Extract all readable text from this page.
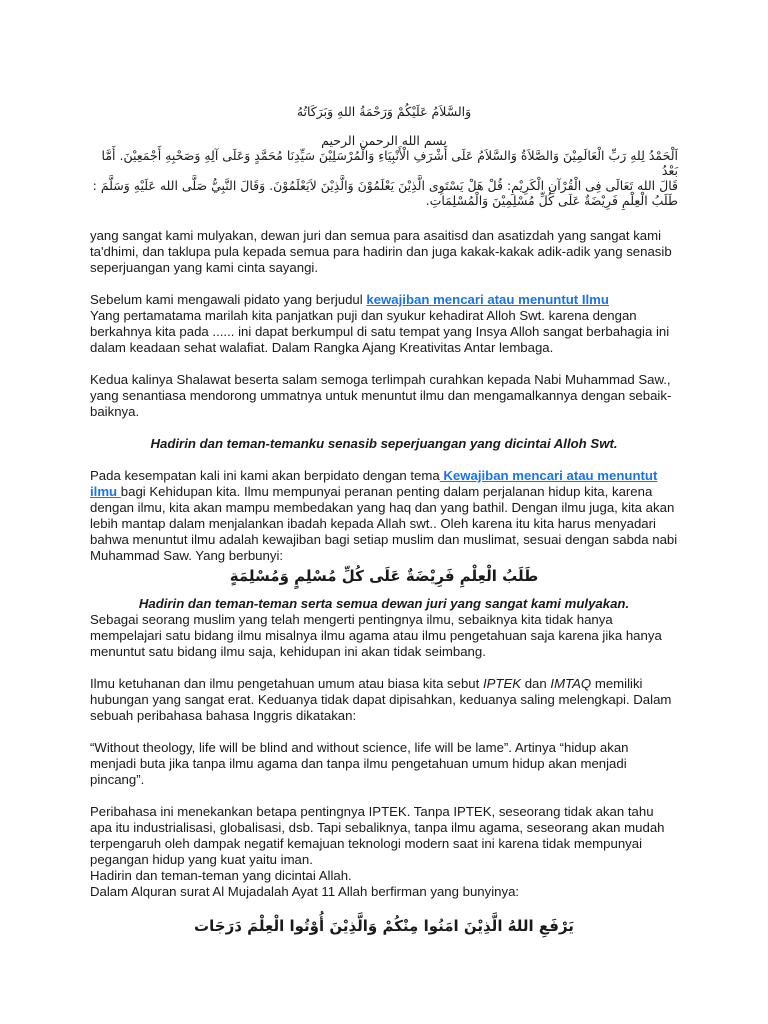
وَالسَّلاَمُ عَلَيْكُمْ وَرَحْمَةُ اللهِ وَبَرَكَاتُهُ
بسم الله الرحمن الرحيم
اَلْحَمْدُ لِلهِ رَبِّ الْعَالَمِيْنَ وَالصَّلاَةُ وَالسَّلاَمُ عَلَى أَشْرَفِ الْأَنْبِيَاءِ وَالْمُرْسَلِيْنَ سَيِّدِنَا مُحَمَّدٍ وَعَلَى آلِهِ وَصَحْبِهِ أَجْمَعِيْنَ. أَمَّا بَعْدُ
قَالَ الله تَعَالَى فِى الْقُرْآنِ الْكَرِيْمِ: قُلْ هَلْ يَسْتَوِى الَّذِيْنَ يَعْلَمُوْنَ وَالَّذِيْنَ لاَيَعْلَمُوْنَ. وَقَالَ النَّبِيُّ صَلَّى الله عَلَيْهِ وَسَلَّمَ : طَلَبُ الْعِلْمِ فَرِيْضَةٌ عَلَى كُلِّ مُسْلِمِيْنَ وَالْمُسْلِمَاتِ.

yang sangat kami mulyakan, dewan juri dan semua para asaitisd dan asatizdah yang sangat kami ta'dhimi, dan taklupa pula kepada semua para hadirin dan juga kakak-kakak adik-adik yang senasib seperjuangan yang kami cinta sayangi.

Sebelum kami mengawali pidato yang berjudul kewajiban mencari atau menuntut Ilmu
Yang pertamatama marilah kita panjatkan puji dan syukur kehadirat Alloh Swt. karena dengan berkahnya kita pada ...... ini dapat berkumpul di satu tempat yang Insya Alloh sangat berbahagia ini dalam keadaan sehat walafiat. Dalam Rangka Ajang Kreativitas Antar lembaga.

Kedua kalinya Shalawat beserta salam semoga terlimpah curahkan kepada Nabi Muhammad Saw., yang senantiasa mendorong ummatnya untuk menuntut ilmu dan mengamalkannya dengan sebaik-baiknya.

Hadirin dan teman-temanku senasib seperjuangan yang dicintai Alloh Swt.

Pada kesempatan kali ini kami akan berpidato dengan tema Kewajiban mencari atau menuntut ilmu bagi Kehidupan kita. Ilmu mempunyai peranan penting dalam perjalanan hidup kita, karena dengan ilmu, kita akan mampu membedakan yang haq dan yang bathil. Dengan ilmu juga, kita akan lebih mantap dalam menjalankan ibadah kepada Allah swt.. Oleh karena itu kita harus menyadari bahwa menuntut ilmu adalah kewajiban bagi setiap muslim dan muslimat, sesuai dengan sabda nabi Muhammad Saw. Yang berbunyi:

طَلَبُ الْعِلْمِ فَرِيْضَةٌ عَلَى كُلِّ مُسْلِمٍ وَمُسْلِمَةٍ

Hadirin dan teman-teman serta semua dewan juri yang sangat kami mulyakan.

Sebagai seorang muslim yang telah mengerti pentingnya ilmu, sebaiknya kita tidak hanya mempelajari satu bidang ilmu misalnya ilmu agama atau ilmu pengetahuan saja karena jika hanya menuntut satu bidang ilmu saja, kehidupan ini akan tidak seimbang.

Ilmu ketuhanan dan ilmu pengetahuan umum atau biasa kita sebut IPTEK dan IMTAQ memiliki hubungan yang sangat erat. Keduanya tidak dapat dipisahkan, keduanya saling melengkapi. Dalam sebuah peribahasa bahasa Inggris dikatakan:

“Without theology, life will be blind and without science, life will be lame”. Artinya “hidup akan menjadi buta jika tanpa ilmu agama dan tanpa ilmu pengetahuan umum hidup akan menjadi pincang”.

Peribahasa ini menekankan betapa pentingnya IPTEK. Tanpa IPTEK, seseorang tidak akan tahu apa itu industrialisasi, globalisasi, dsb. Tapi sebaliknya, tanpa ilmu agama, seseorang akan mudah terpengaruh oleh dampak negatif kemajuan teknologi modern saat ini karena tidak mempunyai pegangan hidup yang kuat yaitu iman.

Hadirin dan teman-teman yang dicintai Allah.

Dalam Alquran surat Al Mujadalah Ayat 11 Allah berfirman yang bunyinya:

يَرْفَعِ اللهُ الَّذِيْنَ امَنُوا مِنْكُمْ وَالَّذِيْنَ أُوْتُوا الْعِلْمَ دَرَجَات
